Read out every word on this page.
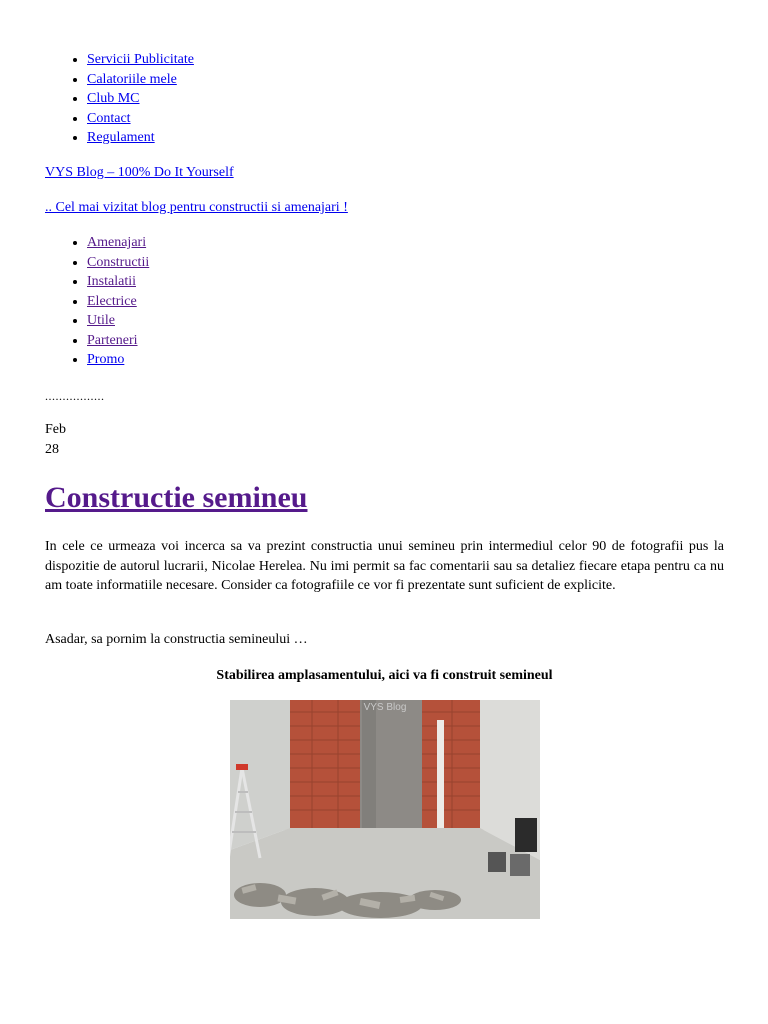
• Servicii Publicitate
• Calatoriile mele
• Club MC
• Contact
• Regulament
VYS Blog – 100% Do It Yourself
.. Cel mai vizitat blog pentru constructii si amenajari !
• Amenajari
• Constructii
• Instalatii
• Electrice
• Utile
• Parteneri
• Promo
.................
Feb
28
Constructie semineu

In cele ce urmeaza voi incerca sa va prezint constructia unui semineu prin intermediul celor 90 de fotografii pus la dispozitie de autorul lucrarii, Nicolae Herelea. Nu imi permit sa fac comentarii sau sa detaliez fiecare etapa pentru ca nu am toate informatiile necesare. Consider ca fotografiile ce vor fi prezentate sunt suficient de explicite.

Asadar, sa pornim la constructia semineului …

Stabilirea amplasamentului, aici va fi construit semineul
VYS Blog
